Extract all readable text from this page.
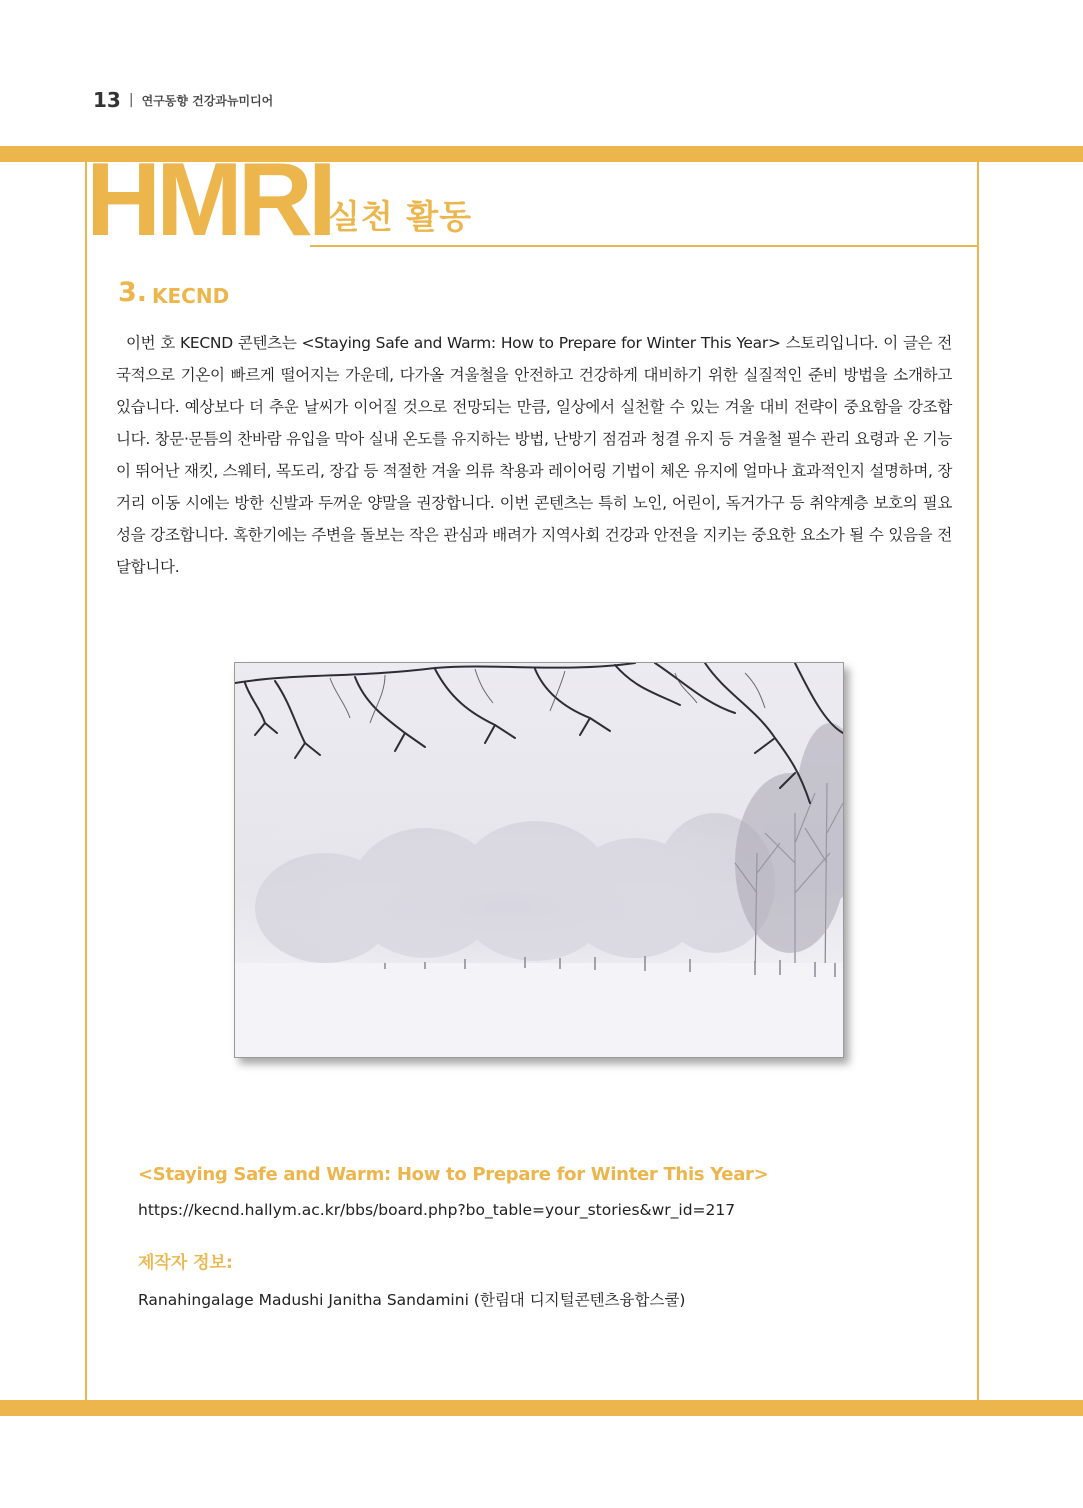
13 | 연구동향 건강과뉴미디어
HMRI
실천 활동
3. KECND
이번 호 KECND 콘텐츠는 <Staying Safe and Warm: How to Prepare for Winter This Year> 스토리입니다. 이 글은 전국적으로 기온이 빠르게 떨어지는 가운데, 다가올 겨울철을 안전하고 건강하게 대비하기 위한 실질적인 준비 방법을 소개하고 있습니다. 예상보다 더 추운 날씨가 이어질 것으로 전망되는 만큼, 일상에서 실천할 수 있는 겨울 대비 전략이 중요함을 강조합니다. 창문·문틈의 찬바람 유입을 막아 실내 온도를 유지하는 방법, 난방기 점검과 청결 유지 등 겨울철 필수 관리 요령과 온 기능이 뛰어난 재킷, 스웨터, 목도리, 장갑 등 적절한 겨울 의류 착용과 레이어링 기법이 체온 유지에 얼마나 효과적인지 설명하며, 장거리 이동 시에는 방한 신발과 두꺼운 양말을 권장합니다. 이번 콘텐츠는 특히 노인, 어린이, 독거가구 등 취약계층 보호의 필요성을 강조합니다. 혹한기에는 주변을 돌보는 작은 관심과 배려가 지역사회 건강과 안전을 지키는 중요한 요소가 될 수 있음을 전달합니다.
<Staying Safe and Warm: How to Prepare for Winter This Year>
https://kecnd.hallym.ac.kr/bbs/board.php?bo_table=your_stories&wr_id=217
제작자 정보:
Ranahingalage Madushi Janitha Sandamini (한림대 디지털콘텐츠융합스쿨)
